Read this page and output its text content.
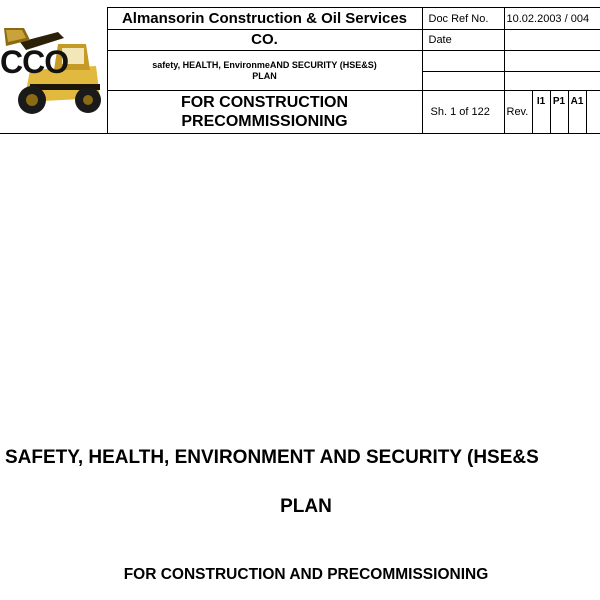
CCO	Almansorin Construction & Oil Services	Doc Ref No.	10.02.2003 / 004				
	CO.	Date					

	safety, HEALTH, EnvironmeAND SECURITY (HSE&S)
PLAN						

	FOR CONSTRUCTION
PRECOMMISSIONING	Sh. 1 of 122	Rev.	I1	P1	A1	
SAFETY, HEALTH, ENVIRONMENT AND SECURITY (HSE&S
PLAN
FOR CONSTRUCTION AND PRECOMMISSIONING
